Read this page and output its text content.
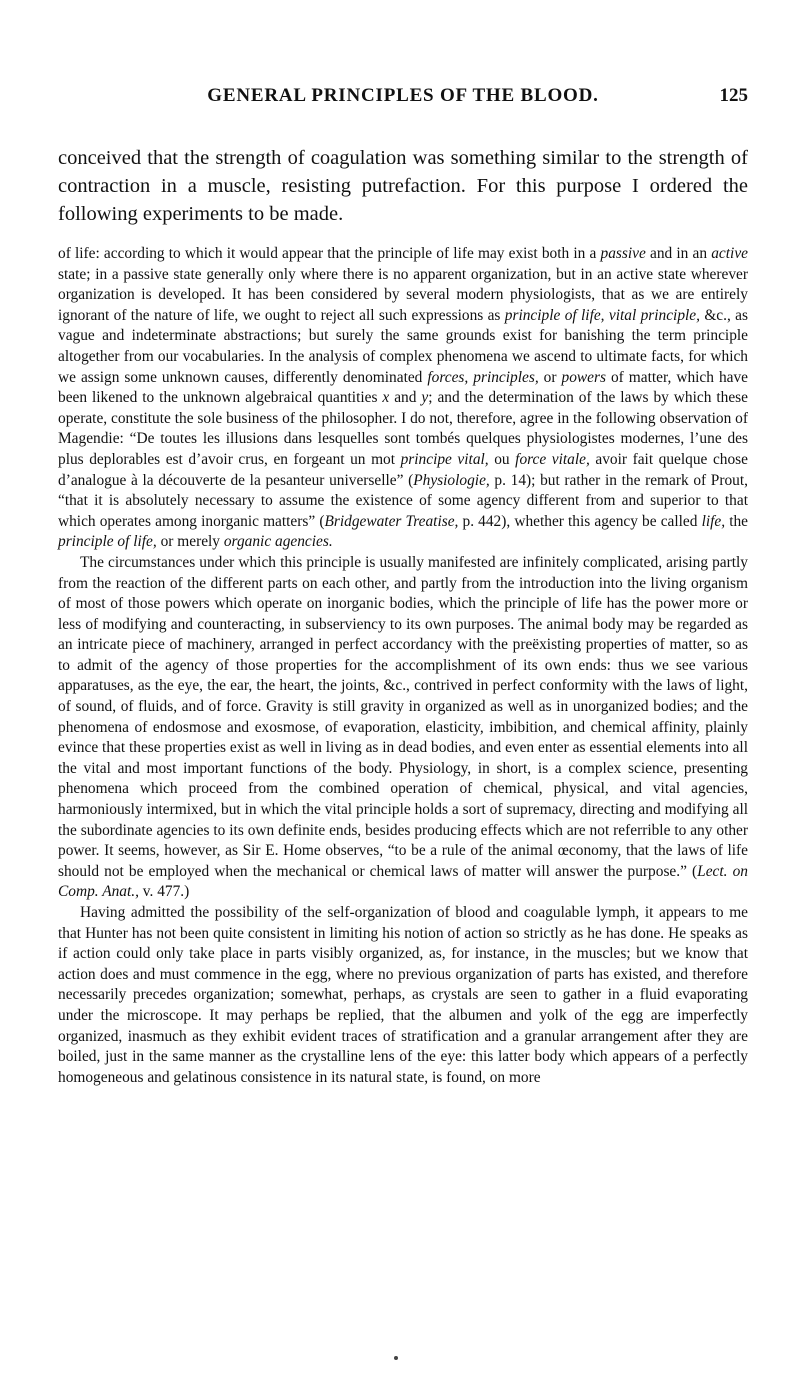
GENERAL PRINCIPLES OF THE BLOOD.	125

conceived that the strength of coagulation was something similar to the strength of contraction in a muscle, resisting putrefaction. For this purpose I ordered the following experiments to be made.

of life: according to which it would appear that the principle of life may exist both in a passive and in an active state; in a passive state generally only where there is no apparent organization, but in an active state wherever organization is developed. It has been considered by several modern physiologists, that as we are entirely ignorant of the nature of life, we ought to reject all such expressions as principle of life, vital principle, &c., as vague and indeterminate abstractions; but surely the same grounds exist for banishing the term principle altogether from our vocabularies. In the analysis of complex phenomena we ascend to ultimate facts, for which we assign some unknown causes, differently denominated forces, principles, or powers of matter, which have been likened to the unknown algebraical quantities x and y; and the determination of the laws by which these operate, constitute the sole business of the philosopher. I do not, therefore, agree in the following observation of Magendie: “De toutes les illusions dans lesquelles sont tombés quelques physiologistes modernes, l’une des plus deplorables est d’avoir crus, en forgeant un mot principe vital, ou force vitale, avoir fait quelque chose d’analogue à la découverte de la pesanteur universelle” (Physiologie, p. 14); but rather in the remark of Prout, “that it is absolutely necessary to assume the existence of some agency different from and superior to that which operates among inorganic matters” (Bridgewater Treatise, p. 442), whether this agency be called life, the principle of life, or merely organic agencies.

The circumstances under which this principle is usually manifested are infinitely complicated, arising partly from the reaction of the different parts on each other, and partly from the introduction into the living organism of most of those powers which operate on inorganic bodies, which the principle of life has the power more or less of modifying and counteracting, in subserviency to its own purposes. The animal body may be regarded as an intricate piece of machinery, arranged in perfect accordancy with the preëxisting properties of matter, so as to admit of the agency of those properties for the accomplishment of its own ends: thus we see various apparatuses, as the eye, the ear, the heart, the joints, &c., contrived in perfect conformity with the laws of light, of sound, of fluids, and of force. Gravity is still gravity in organized as well as in unorganized bodies; and the phenomena of endosmose and exosmose, of evaporation, elasticity, imbibition, and chemical affinity, plainly evince that these properties exist as well in living as in dead bodies, and even enter as essential elements into all the vital and most important functions of the body. Physiology, in short, is a complex science, presenting phenomena which proceed from the combined operation of chemical, physical, and vital agencies, harmoniously intermixed, but in which the vital principle holds a sort of supremacy, directing and modifying all the subordinate agencies to its own definite ends, besides producing effects which are not referrible to any other power. It seems, however, as Sir E. Home observes, “to be a rule of the animal œconomy, that the laws of life should not be employed when the mechanical or chemical laws of matter will answer the purpose.” (Lect. on Comp. Anat., v. 477.)

Having admitted the possibility of the self-organization of blood and coagulable lymph, it appears to me that Hunter has not been quite consistent in limiting his notion of action so strictly as he has done. He speaks as if action could only take place in parts visibly organized, as, for instance, in the muscles; but we know that action does and must commence in the egg, where no previous organization of parts has existed, and therefore necessarily precedes organization; somewhat, perhaps, as crystals are seen to gather in a fluid evaporating under the microscope. It may perhaps be replied, that the albumen and yolk of the egg are imperfectly organized, inasmuch as they exhibit evident traces of stratification and a granular arrangement after they are boiled, just in the same manner as the crystalline lens of the eye: this latter body which appears of a perfectly homogeneous and gelatinous consistence in its natural state, is found, on more
